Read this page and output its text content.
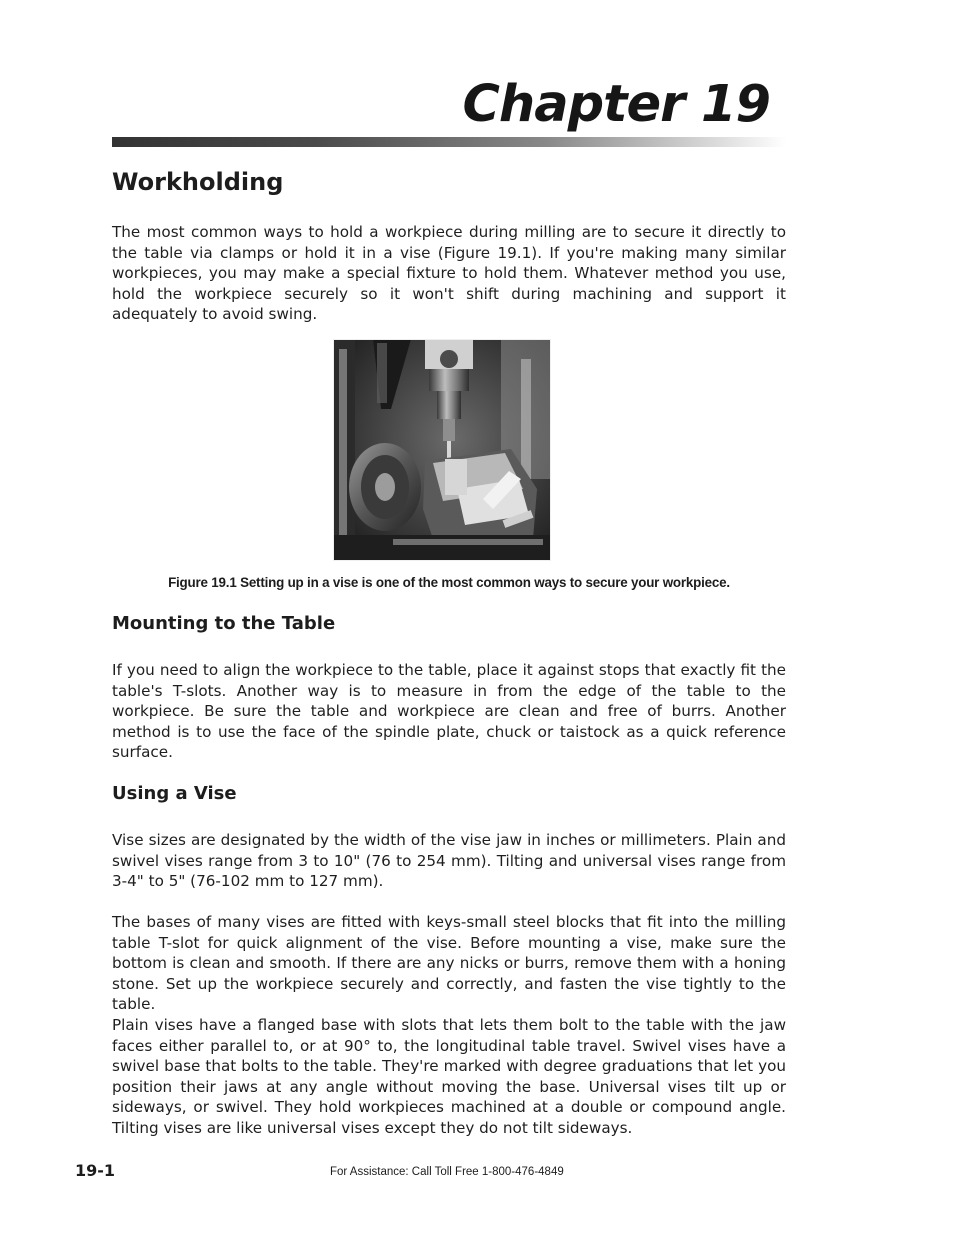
Chapter 19
Workholding

The most common ways to hold a workpiece during milling are to secure it directly to the table via clamps or hold it in a vise (Figure 19.1). If you're making many similar workpieces, you may make a special fixture to hold them. Whatever method you use, hold the workpiece securely so it won't shift during machining and support it adequately to avoid swing.

Figure 19.1 Setting up in a vise is one of the most common ways to secure your workpiece.

Mounting to the Table

If you need to align the workpiece to the table, place it against stops that exactly fit the table's T-slots. Another way is to measure in from the edge of the table to the workpiece. Be sure the table and workpiece are clean and free of burrs. Another method is to use the face of the spindle plate, chuck or taistock as a quick reference surface.

Using a Vise

Vise sizes are designated by the width of the vise jaw in inches or millimeters. Plain and swivel vises range from 3 to 10" (76 to 254 mm). Tilting and universal vises range from 3-4" to 5" (76-102 mm to 127 mm).

The bases of many vises are fitted with keys-small steel blocks that fit into the milling table T-slot for quick alignment of the vise. Before mounting a vise, make sure the bottom is clean and smooth. If there are any nicks or burrs, remove them with a honing stone. Set up the workpiece securely and correctly, and fasten the vise tightly to the table.

Plain vises have a flanged base with slots that lets them bolt to the table with the jaw faces either parallel to, or at 90° to, the longitudinal table travel. Swivel vises have a swivel base that bolts to the table. They're marked with degree graduations that let you position their jaws at any angle without moving the base. Universal vises tilt up or sideways, or swivel. They hold workpieces machined at a double or compound angle. Tilting vises are like universal vises except they do not tilt sideways.

19-1	For Assistance: Call Toll Free 1-800-476-4849
